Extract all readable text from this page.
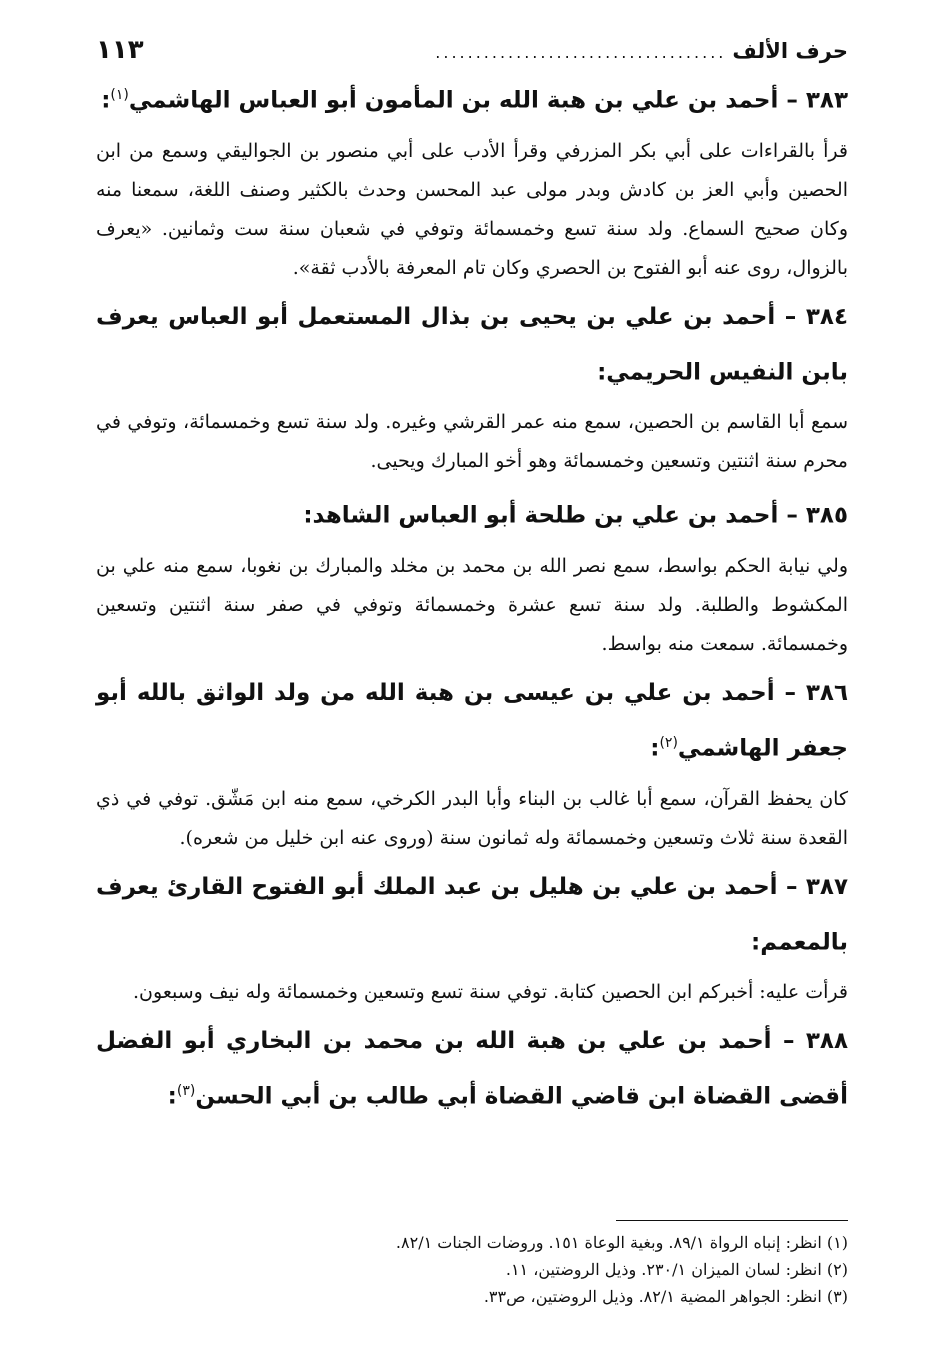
حرف الألف
....................................
١١٣

٣٨٣ – أحمد بن علي بن هبة الله بن المأمون أبو العباس الهاشمي$^{(١)}$:

قرأ بالقراءات على أبي بكر المزرفي وقرأ الأدب على أبي منصور بن الجواليقي وسمع من ابن الحصين وأبي العز بن كادش وبدر مولى عبد المحسن وحدث بالكثير وصنف اللغة، سمعنا منه وكان صحيح السماع. ولد سنة تسع وخمسمائة وتوفي في شعبان سنة ست وثمانين. «يعرف بالزوال، روى عنه أبو الفتوح بن الحصري وكان تام المعرفة بالأدب ثقة».

٣٨٤ – أحمد بن علي بن يحيى بن بذال المستعمل أبو العباس يعرف بابن النفيس الحريمي:

سمع أبا القاسم بن الحصين، سمع منه عمر القرشي وغيره. ولد سنة تسع وخمسمائة، وتوفي في محرم سنة اثنتين وتسعين وخمسمائة وهو أخو المبارك ويحيى.

٣٨٥ – أحمد بن علي بن طلحة أبو العباس الشاهد:

ولي نيابة الحكم بواسط، سمع نصر الله بن محمد بن مخلد والمبارك بن نغوبا، سمع منه علي بن المكشوط والطلبة. ولد سنة تسع عشرة وخمسمائة وتوفي في صفر سنة اثنتين وتسعين وخمسمائة. سمعت منه بواسط.

٣٨٦ – أحمد بن علي بن عيسى بن هبة الله من ولد الواثق بالله أبو جعفر الهاشمي$^{(٢)}$:

كان يحفظ القرآن، سمع أبا غالب بن البناء وأبا البدر الكرخي، سمع منه ابن مَشّق. توفي في ذي القعدة سنة ثلاث وتسعين وخمسمائة وله ثمانون سنة (وروى عنه ابن خليل من شعره).

٣٨٧ – أحمد بن علي بن هليل بن عبد الملك أبو الفتوح القارئ يعرف بالمعمم:

قرأت عليه: أخبركم ابن الحصين كتابة. توفي سنة تسع وتسعين وخمسمائة وله نيف وسبعون.

٣٨٨ – أحمد بن علي بن هبة الله بن محمد بن البخاري أبو الفضل أقضى القضاة ابن قاضي القضاة أبي طالب بن أبي الحسن$^{(٣)}$:

(١) انظر: إنباه الرواة ٨٩/١. وبغية الوعاة ١٥١. وروضات الجنات ٨٢/١.
(٢) انظر: لسان الميزان ٢٣٠/١. وذيل الروضتين، ١١.
(٣) انظر: الجواهر المضية ٨٢/١. وذيل الروضتين، ص٣٣.
